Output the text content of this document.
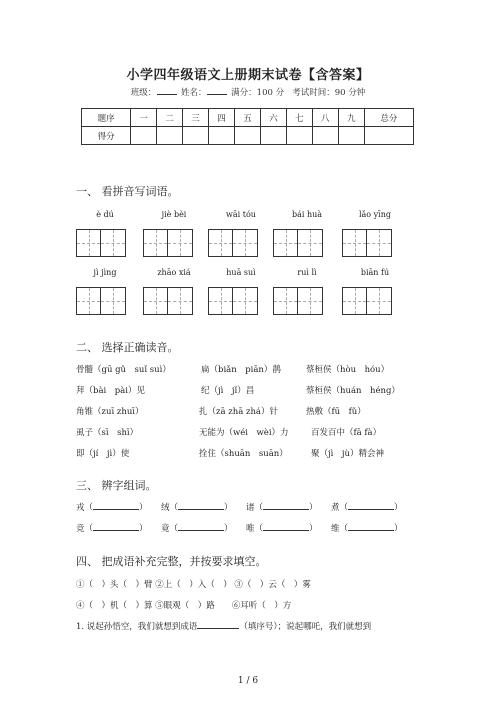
小学四年级语文上册期末试卷【含答案】
班级：	姓名：	满分：100 分 考试时间：90 分钟
题序	一	二	三	四	五	六	七	八	九	总分
得分										
一、 看拼音写词语。
è dú	jiè bèi	wāi tóu	bái huà	lǎo yīng
jì jìng	zhāo xiá	huā suì	ruì lì	biān fú
二、 选择正确读音。
骨髓（gū gǔ　suǐ suì）	扁（biǎn　piān）鹊	蔡桓侯（hòu　hóu）
拜（bài　pài）见	纪（jì　jǐ）昌	蔡桓侯（huán　héng）
角锥（zuī zhuī）	扎（zā zhā zhá）针	热敷（fū　fǔ）
虱子（sī　shī）	无能为（wéi　wèi）力	百发百中（fā fà）
即（jí　jì）使	拴住（shuān　suān）	聚（jì　jù）精会神
三、 辨字组词。
戎（	） 绒（	） 诸（	） 煮（	）
竞（	） 竟（	） 唯（	） 维（	）
四、 把成语补充完整，并按要求填空。
①（　）头（　）臂 ②上（　）入（　） ③（　）云（　）雾
④（　）机（　）算 ⑤眼观（　）路　　⑥耳听（　）方
1. 说起孙悟空，我们就想到成语	（填序号）；说起哪吒，我们就想到
1 / 6
